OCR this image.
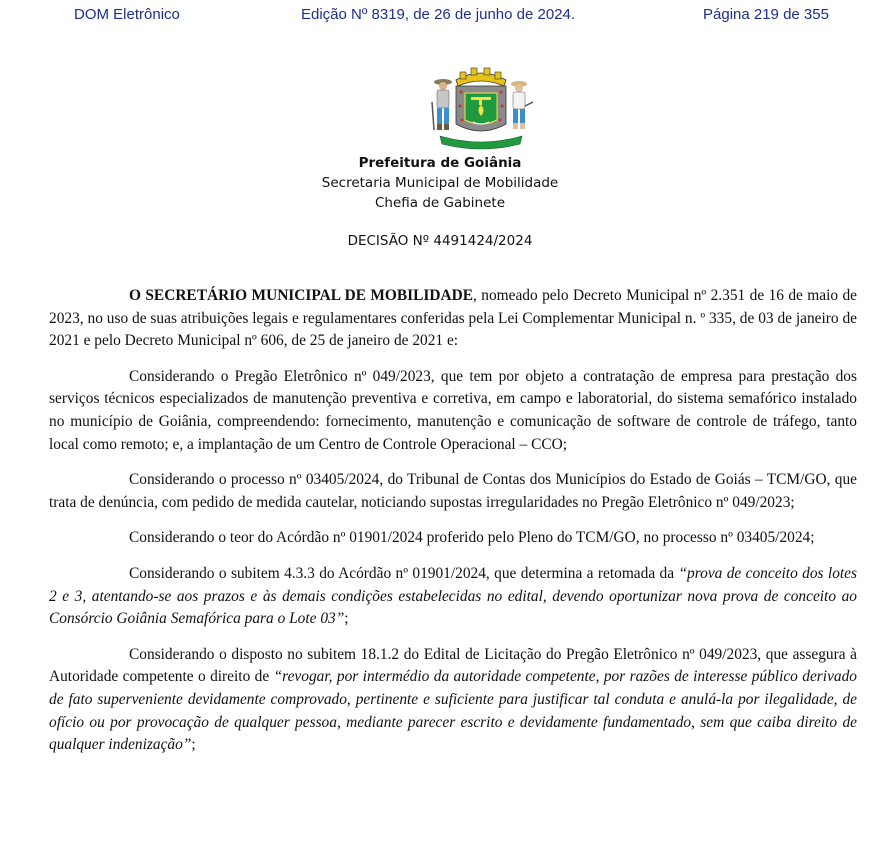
DOM Eletrônico	Edição Nº 8319, de 26 de junho de 2024.	Página 219 de 355
Prefeitura de Goiânia
Secretaria Municipal de Mobilidade
Chefia de Gabinete
DECISÃO Nº 4491424/2024

O SECRETÁRIO MUNICIPAL DE MOBILIDADE, nomeado pelo Decreto Municipal nº 2.351 de 16 de maio de 2023, no uso de suas atribuições legais e regulamentares conferidas pela Lei Complementar Municipal n. º 335, de 03 de janeiro de 2021 e pelo Decreto Municipal nº 606, de 25 de janeiro de 2021 e:

Considerando o Pregão Eletrônico nº 049/2023, que tem por objeto a contratação de empresa para prestação dos serviços técnicos especializados de manutenção preventiva e corretiva, em campo e laboratorial, do sistema semafórico instalado no município de Goiânia, compreendendo: fornecimento, manutenção e comunicação de software de controle de tráfego, tanto local como remoto; e, a implantação de um Centro de Controle Operacional – CCO;

Considerando o processo nº 03405/2024, do Tribunal de Contas dos Municípios do Estado de Goiás – TCM/GO, que trata de denúncia, com pedido de medida cautelar, noticiando supostas irregularidades no Pregão Eletrônico nº 049/2023;

Considerando o teor do Acórdão nº 01901/2024 proferido pelo Pleno do TCM/GO, no processo nº 03405/2024;

Considerando o subitem 4.3.3 do Acórdão nº 01901/2024, que determina a retomada da “prova de conceito dos lotes 2 e 3, atentando-se aos prazos e às demais condições estabelecidas no edital, devendo oportunizar nova prova de conceito ao Consórcio Goiânia Semafórica para o Lote 03”;

Considerando o disposto no subitem 18.1.2 do Edital de Licitação do Pregão Eletrônico nº 049/2023, que assegura à Autoridade competente o direito de “revogar, por intermédio da autoridade competente, por razões de interesse público derivado de fato superveniente devidamente comprovado, pertinente e suficiente para justificar tal conduta e anulá-la por ilegalidade, de ofício ou por provocação de qualquer pessoa, mediante parecer escrito e devidamente fundamentado, sem que caiba direito de qualquer indenização”;
